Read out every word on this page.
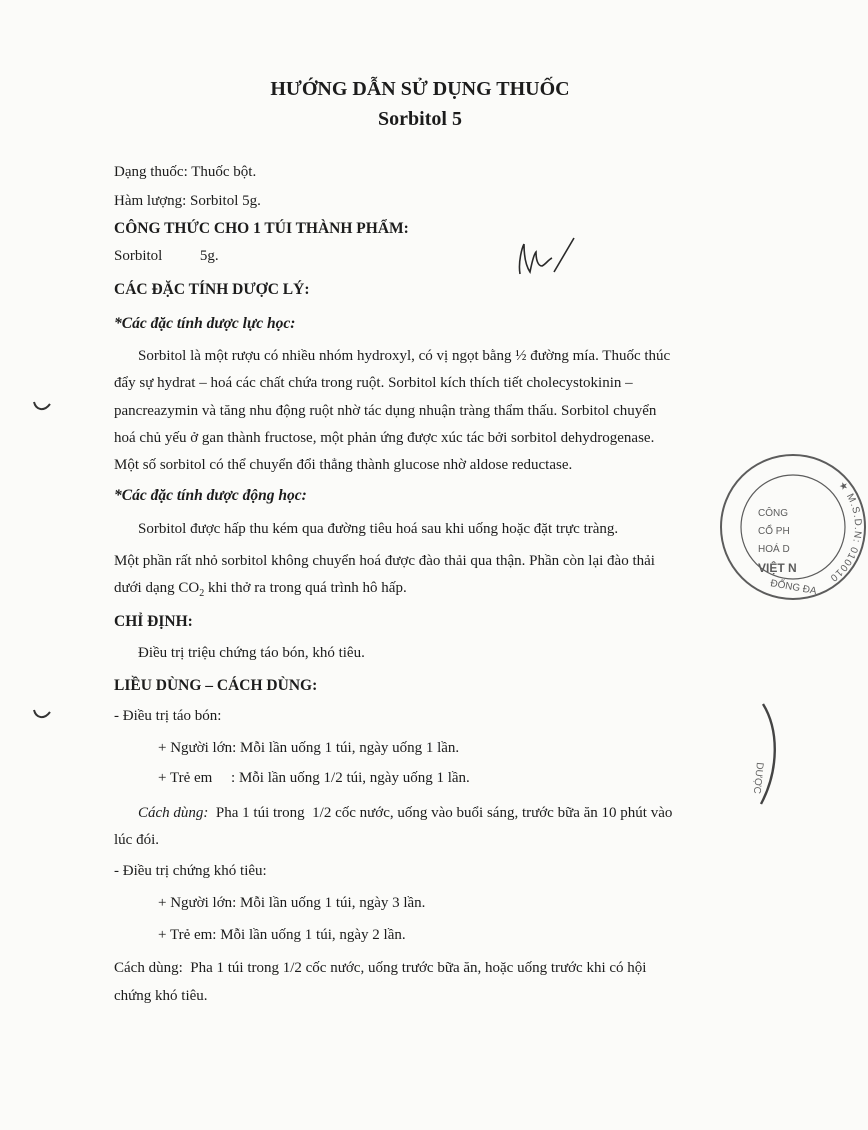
HƯỚNG DẪN SỬ DỤNG THUỐC
Sorbitol 5
Dạng thuốc: Thuốc bột.
Hàm lượng: Sorbitol 5g.
CÔNG THỨC CHO 1 TÚI THÀNH PHẨM:
Sorbitol          5g.
CÁC ĐẶC TÍNH DƯỢC LÝ:
*Các đặc tính dược lực học:
Sorbitol là một rượu có nhiều nhóm hydroxyl, có vị ngọt bằng ½ đường mía. Thuốc thúc
đẩy sự hydrat – hoá các chất chứa trong ruột. Sorbitol kích thích tiết cholecystokinin –
pancreazymin và tăng nhu động ruột nhờ tác dụng nhuận tràng thẩm thấu. Sorbitol chuyển
hoá chủ yếu ở gan thành fructose, một phản ứng được xúc tác bởi sorbitol dehydrogenase.
Một số sorbitol có thể chuyển đổi thẳng thành glucose nhờ aldose reductase.
*Các đặc tính dược động học:
Sorbitol được hấp thu kém qua đường tiêu hoá sau khi uống hoặc đặt trực tràng.
Một phần rất nhỏ sorbitol không chuyển hoá được đào thải qua thận. Phần còn lại đào thải
dưới dạng $CO_2$ khi thở ra trong quá trình hô hấp.
CHỈ ĐỊNH:
Điều trị triệu chứng táo bón, khó tiêu.
LIỀU DÙNG – CÁCH DÙNG:
- Điều trị táo bón:
+ Người lớn: Mỗi lần uống 1 túi, ngày uống 1 lần.
+ Trẻ em     : Mỗi lần uống 1/2 túi, ngày uống 1 lần.
Cách dùng:  Pha 1 túi trong  1/2 cốc nước, uống vào buổi sáng, trước bữa ăn 10 phút vào
lúc đói.
- Điều trị chứng khó tiêu:
+ Người lớn: Mỗi lần uống 1 túi, ngày 3 lần.
+ Trẻ em: Mỗi lần uống 1 túi, ngày 2 lần.
Cách dùng:  Pha 1 túi trong 1/2 cốc nước, uống trước bữa ăn, hoặc uống trước khi có hội
chứng khó tiêu.
★ M.S.D.N: 010010
ĐỐNG ĐA
CÔNG
CỔ PH
HOÁ D
VIỆT N
DƯỢC
